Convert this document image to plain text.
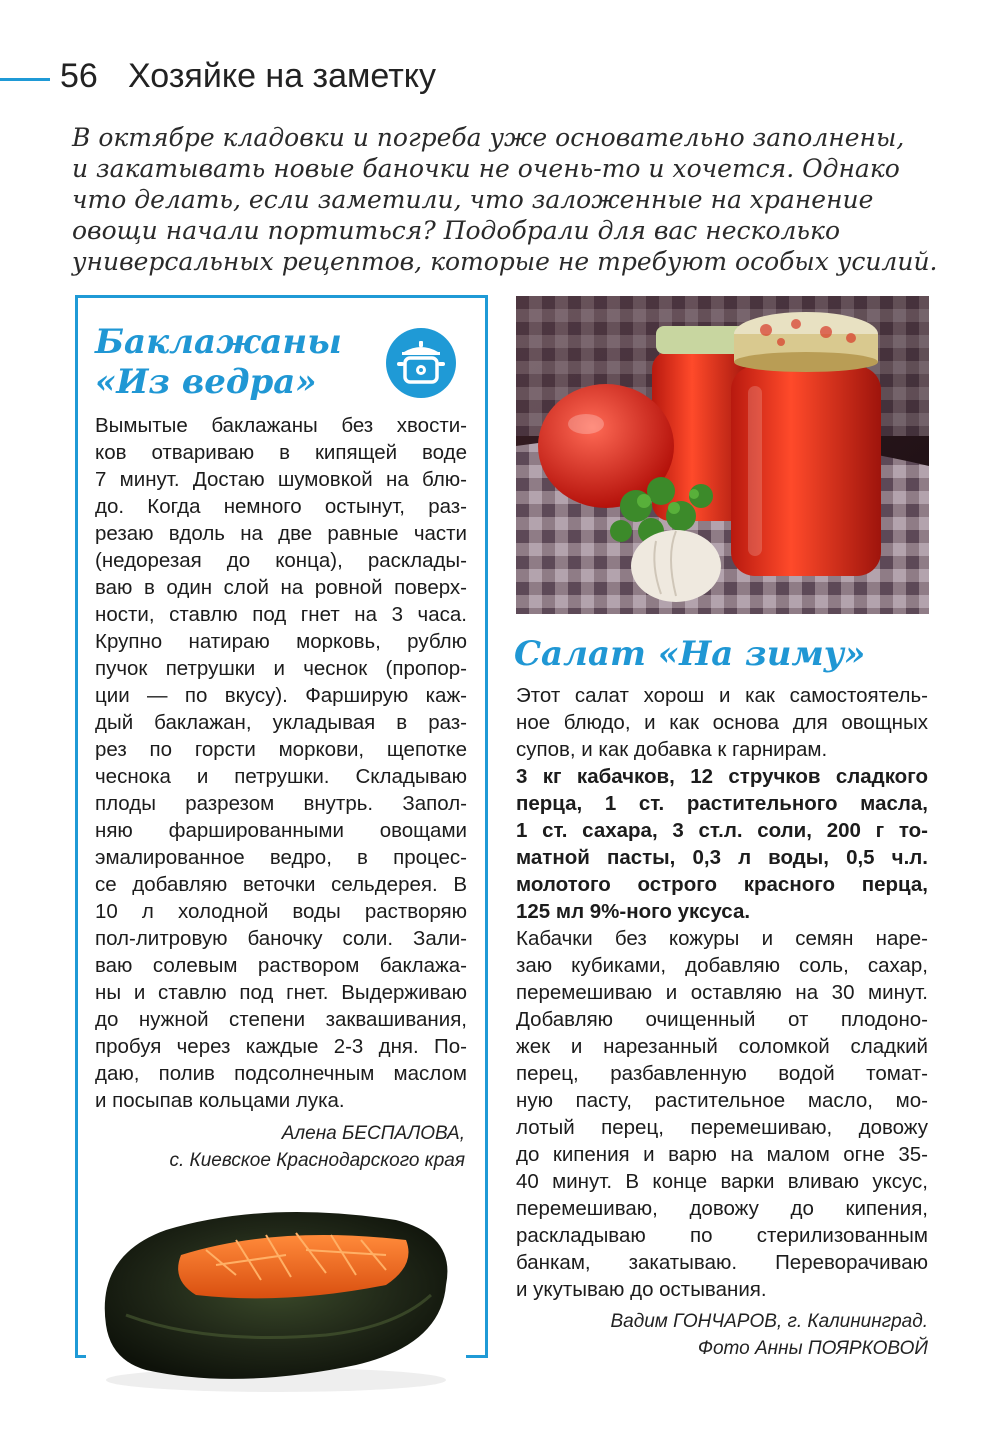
56 Хозяйке на заметку
В октябре кладовки и погреба уже основательно заполнены,
и закатывать новые баночки не очень-то и хочется. Однако
что делать, если заметили, что заложенные на хранение
овощи начали портиться? Подобрали для вас несколько
универсальных рецептов, которые не требуют особых усилий.
Баклажаны
«Из ведра»
Вымытые баклажаны без хвости-
ков отвариваю в кипящей воде
7 минут. Достаю шумовкой на блю-
до. Когда немного остынут, раз-
резаю вдоль на две равные части
(недорезая до конца), расклады-
ваю в один слой на ровной поверх-
ности, ставлю под гнет на 3 часа.
Крупно натираю морковь, рублю
пучок петрушки и чеснок (пропор-
ции — по вкусу). Фарширую каж-
дый баклажан, укладывая в раз-
рез по горсти моркови, щепотке
чеснока и петрушки. Складываю
плоды разрезом внутрь. Запол-
няю фаршированными овощами
эмалированное ведро, в процес-
се добавляю веточки сельдерея. В
10 л холодной воды растворяю
пол-литровую баночку соли. Зали-
ваю солевым раствором баклажа-
ны и ставлю под гнет. Выдерживаю
до нужной степени заквашивания,
пробуя через каждые 2-3 дня. По-
даю, полив подсолнечным маслом
и посыпав кольцами лука.
Алена БЕСПАЛОВА,
с. Киевское Краснодарского края
Салат «На зиму»
Этот салат хорош и как самостоятель-
ное блюдо, и как основа для овощных
супов, и как добавка к гарнирам.
3 кг кабачков, 12 стручков сладкого
перца, 1 ст. растительного масла,
1 ст. сахара, 3 ст.л. соли, 200 г то-
матной пасты, 0,3 л воды, 0,5 ч.л.
молотого острого красного перца,
125 мл 9%-ного уксуса.
Кабачки без кожуры и семян наре-
заю кубиками, добавляю соль, сахар,
перемешиваю и оставляю на 30 минут.
Добавляю очищенный от плодоно-
жек и нарезанный соломкой сладкий
перец, разбавленную водой томат-
ную пасту, растительное масло, мо-
лотый перец, перемешиваю, довожу
до кипения и варю на малом огне 35-
40 минут. В конце варки вливаю уксус,
перемешиваю, довожу до кипения,
раскладываю по стерилизованным
банкам, закатываю. Переворачиваю
и укутываю до остывания.
Вадим ГОНЧАРОВ, г. Калининград.
Фото Анны ПОЯРКОВОЙ
